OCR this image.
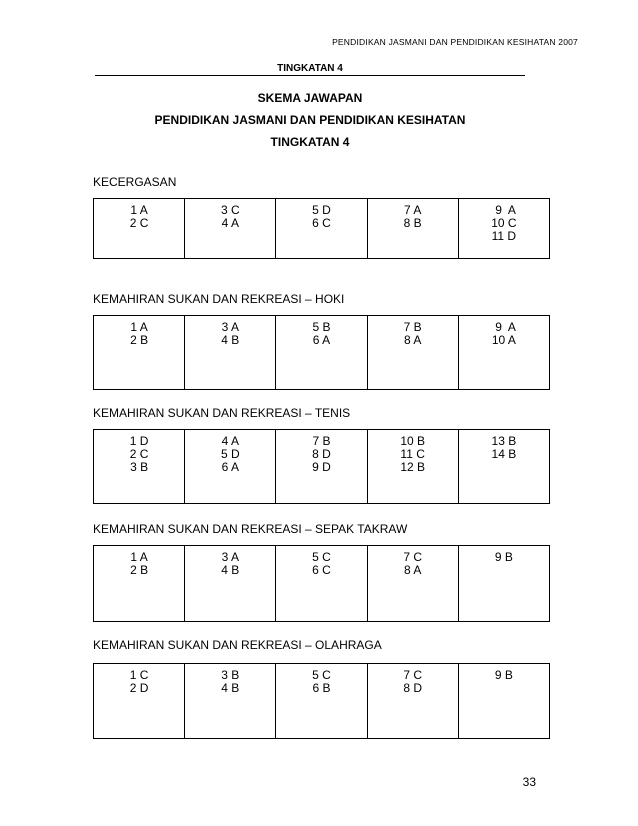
PENDIDIKAN JASMANI DAN PENDIDIKAN KESIHATAN 2007
TINGKATAN 4
SKEMA JAWAPAN
PENDIDIKAN JASMANI DAN PENDIDIKAN KESIHATAN
TINGKATAN 4
KECERGASAN
1 A
2 C

3 C
4 A

5 D
6 C

7 A
8 B

9  A
10 C
11 D
KEMAHIRAN SUKAN DAN REKREASI – HOKI
1 A
2 B

3 A
4 B

5 B
6 A

7 B
8 A

9  A
10 A
KEMAHIRAN SUKAN DAN REKREASI – TENIS
1 D
2 C
3 B

4 A
5 D
6 A

7 B
8 D
9 D

10 B
11 C
12 B

13 B
14 B
KEMAHIRAN SUKAN DAN REKREASI – SEPAK TAKRAW
1 A
2 B

3 A
4 B

5 C
6 C

7 C
8 A

9 B
KEMAHIRAN SUKAN DAN REKREASI – OLAHRAGA
1 C
2 D

3 B
4 B

5 C
6 B

7 C
8 D

9 B
33
